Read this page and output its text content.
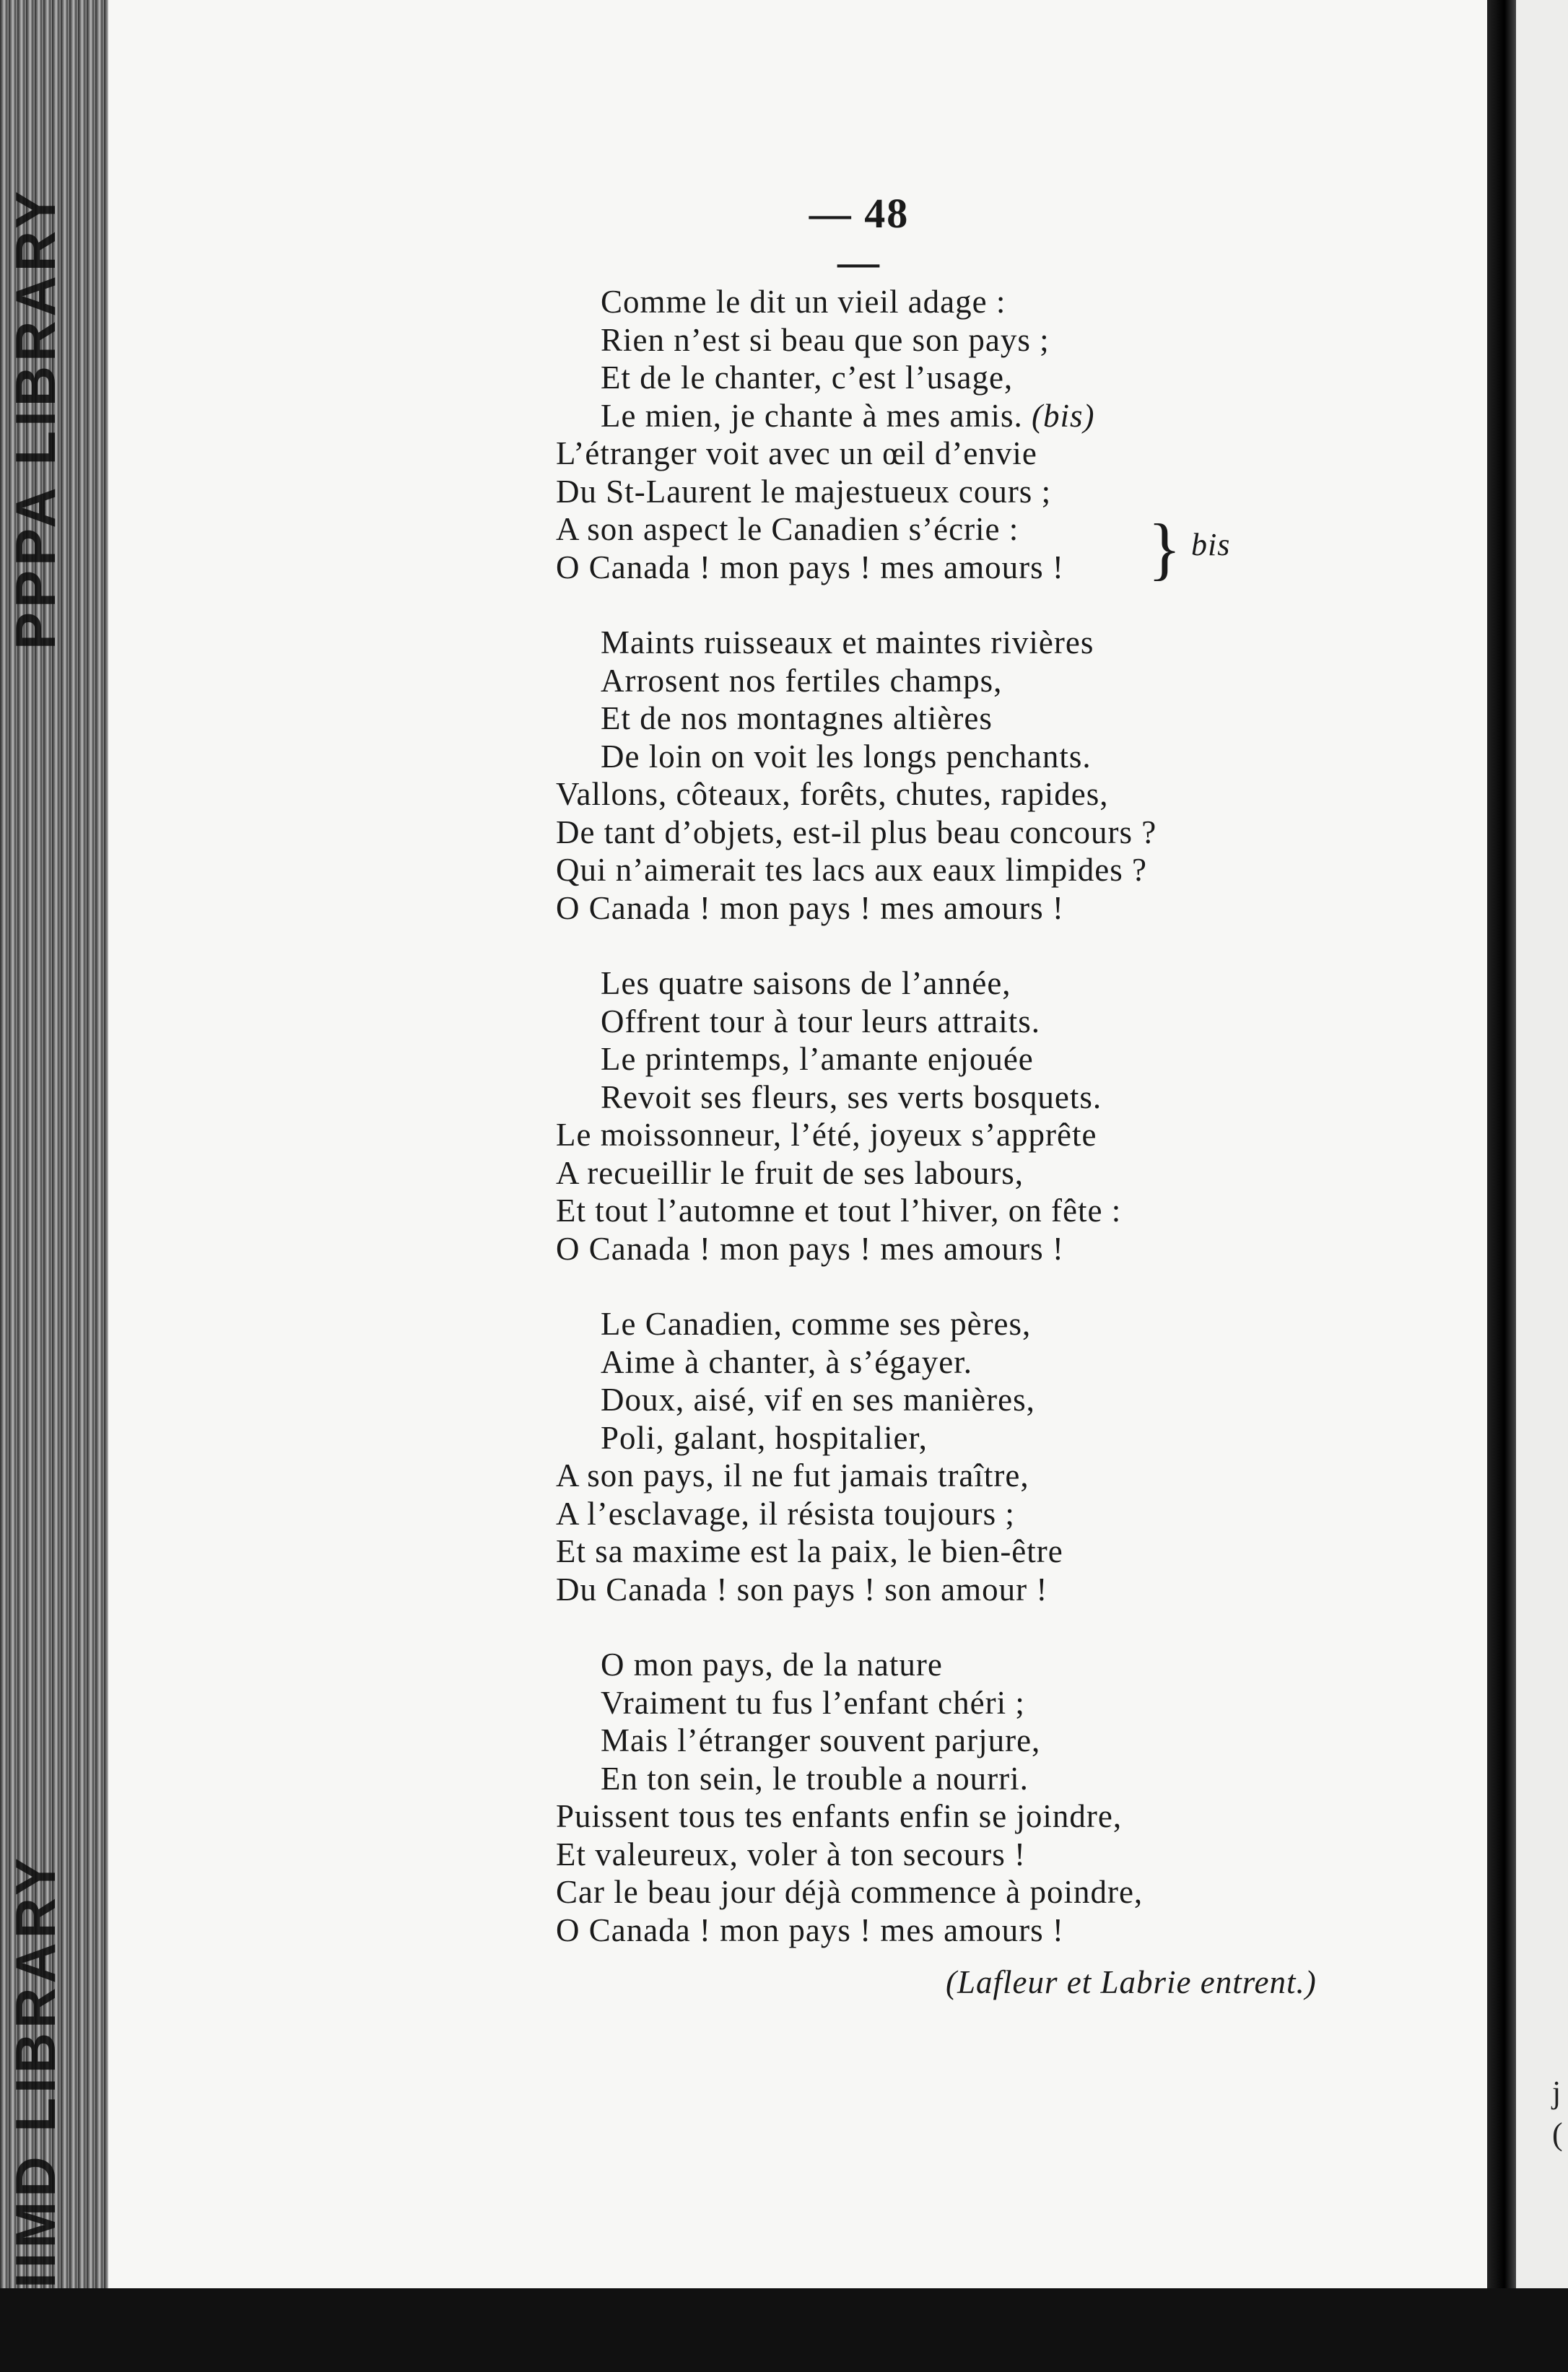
PPPA LIBRARY
IIMD LIBRARY	j
(
— 48 —
Comme le dit un vieil adage :
Rien n’est si beau que son pays ;
Et de le chanter, c’est l’usage,
Le mien, je chante à mes amis. (bis)
L’étranger voit avec un œil d’envie
Du St-Laurent le majestueux cours ;
A son aspect le Canadien s’écrie :
O Canada ! mon pays ! mes amours !	} bis
Maints ruisseaux et maintes rivières
Arrosent nos fertiles champs,
Et de nos montagnes altières
De loin on voit les longs penchants.
Vallons, côteaux, forêts, chutes, rapides,
De tant d’objets, est-il plus beau concours ?
Qui n’aimerait tes lacs aux eaux limpides ?
O Canada ! mon pays ! mes amours !
Les quatre saisons de l’année,
Offrent tour à tour leurs attraits.
Le printemps, l’amante enjouée
Revoit ses fleurs, ses verts bosquets.
Le moissonneur, l’été, joyeux s’apprête
A recueillir le fruit de ses labours,
Et tout l’automne et tout l’hiver, on fête :
O Canada ! mon pays ! mes amours !
Le Canadien, comme ses pères,
Aime à chanter, à s’égayer.
Doux, aisé, vif en ses manières,
Poli, galant, hospitalier,
A son pays, il ne fut jamais traître,
A l’esclavage, il résista toujours ;
Et sa maxime est la paix, le bien-être
Du Canada ! son pays ! son amour !
O mon pays, de la nature
Vraiment tu fus l’enfant chéri ;
Mais l’étranger souvent parjure,
En ton sein, le trouble a nourri.
Puissent tous tes enfants enfin se joindre,
Et valeureux, voler à ton secours !
Car le beau jour déjà commence à poindre,
O Canada ! mon pays ! mes amours !
(Lafleur et Labrie entrent.)
